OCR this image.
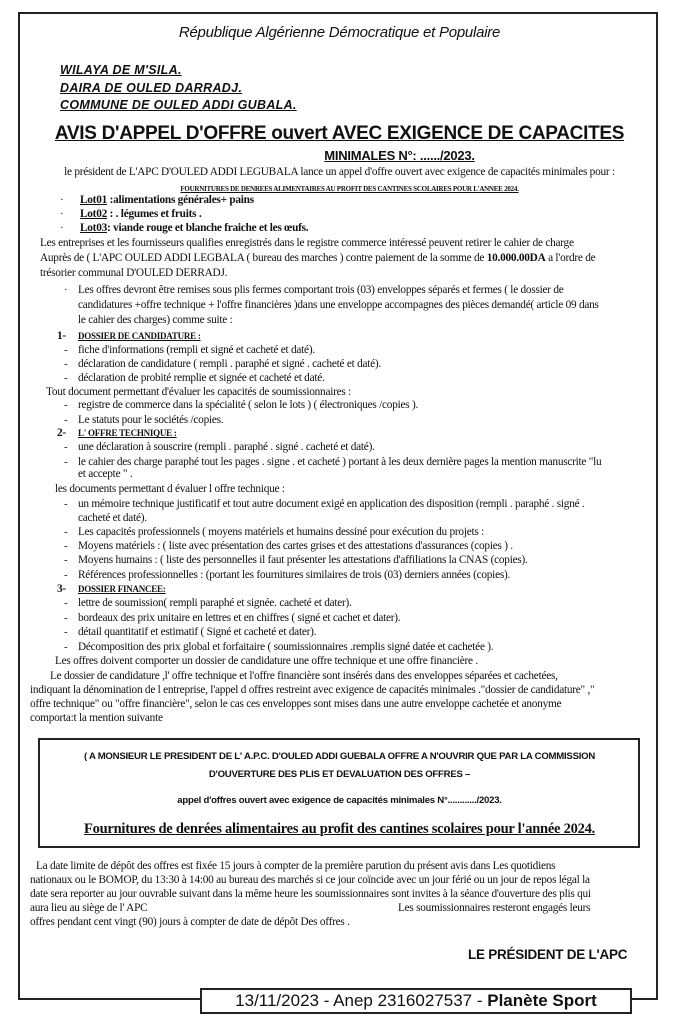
République Algérienne Démocratique et Populaire
WILAYA DE M'SILA.
DAIRA DE OULED DARRADJ.
COMMUNE DE OULED ADDI GUBALA.
AVIS D'APPEL D'OFFRE ouvert AVEC EXIGENCE DE CAPACITES
MINIMALES N°: ....../2023.
le président de L'APC D'OULED ADDI LEGUBALA lance un appel d'offre ouvert avec exigence de capacités minimales pour :
FOURNITURES DE DENREES ALIMENTAIRES AU PROFIT DES CANTINES SCOLAIRES POUR L'ANNEE 2024.
· Lot01 :alimentations générales+ pains
· Lot02 : . légumes et fruits .
· Lot03: viande rouge et blanche fraiche et les œufs.
Les entreprises et les fournisseurs qualifies enregistrés dans le registre commerce intéressé peuvent retirer le cahier de charge
Auprès de ( L'APC OULED ADDI LEGBALA ( bureau des marches ) contre paiement de la somme de 10.000.00DA a l'ordre de
trésorier communal D'OULED DERRADJ.
· Les offres devront être remises sous plis fermes comportant trois (03) enveloppes séparés et fermes ( le dossier de
candidatures +offre technique + l'offre financières )dans une enveloppe accompagnes des pièces demandé( article 09 dans
le cahier des charges) comme suite :
1- DOSSIER DE CANDIDATURE :
- fiche d'informations (rempli et signé et cacheté et daté).
- déclaration de candidature ( rempli . paraphé et signé . cacheté et daté).
- déclaration de probité remplie et signée et cacheté et daté.
Tout document permettant d'évaluer les capacités de soumissionnaires :
- registre de commerce dans la spécialité ( selon le lots ) ( électroniques /copies ).
- Le statuts pour le sociétés /copies.
2- L' OFFRE TECHNIQUE :
- une déclaration à souscrire (rempli . paraphé . signé . cacheté et daté).
- le cahier des charge paraphé tout les pages . signe . et cacheté ) portant à les deux dernière pages la mention manuscrite "lu
et accepte " .
les documents permettant d évaluer l offre technique :
- un mémoire technique justificatif et tout autre document exigé en application des disposition (rempli . paraphé . signé .
cacheté et daté).
- Les capacités professionnels ( moyens matériels et humains dessiné pour exécution du projets :
- Moyens matériels : ( liste avec présentation des cartes grises et des attestations d'assurances (copies ) .
- Moyens humains : ( liste des personnelles il faut présenter les attestations d'affiliations la CNAS (copies).
- Références professionnelles : (portant les fournitures similaires de trois (03) derniers années (copies).
3- DOSSIER FINANCEE:
- lettre de soumission( rempli paraphé et signée. cacheté et dater).
- bordeaux des prix unitaire en lettres et en chiffres ( signé et cachet et dater).
- détail quantitatif et estimatif ( Signé et cacheté et dater).
- Décomposition des prix global et forfaitaire ( soumissionnaires .remplis signé datée et cachetée ).
Les offres doivent comporter un dossier de candidature une offre technique et une offre financière .
Le dossier de candidature ,l' offre technique et l'offre financière sont insérés dans des enveloppes séparées et cachetées,
indiquant la dénomination de l entreprise, l'appel d offres restreint avec exigence de capacités minimales ."dossier de candidature" ,"
offre technique" ou "offre financière", selon le cas ces enveloppes sont mises dans une autre enveloppe cachetée et anonyme
comporta:t la mention suivante
( A MONSIEUR LE PRESIDENT DE L' A.P.C. D'OULED ADDI GUEBALA OFFRE A N'OUVRIR QUE PAR LA COMMISSION
D'OUVERTURE DES PLIS ET DEVALUATION DES OFFRES –
appel d'offres ouvert avec exigence de capacités minimales N°............/2023.
Fournitures de denrées alimentaires au profit des cantines scolaires pour l'année 2024.
La date limite de dépôt des offres est fixée 15 jours à compter de la première parution du présent avis dans Les quotidiens
nationaux ou le BOMOP, du 13:30 à 14:00 au bureau des marchés si ce jour coïncide avec un jour férié ou un jour de repos légal la
date sera reporter au jour ouvrable suivant dans la même heure les soumissionnaires sont invites à la séance d'ouverture des plis qui
aura lieu au siège de l' APC	Les soumissionnaires resteront engagés leurs
offres pendant cent vingt (90) jours à compter de date de dépôt Des offres .
LE PRÉSIDENT DE L'APC
13/11/2023 - Anep 2316027537 - Planète Sport
